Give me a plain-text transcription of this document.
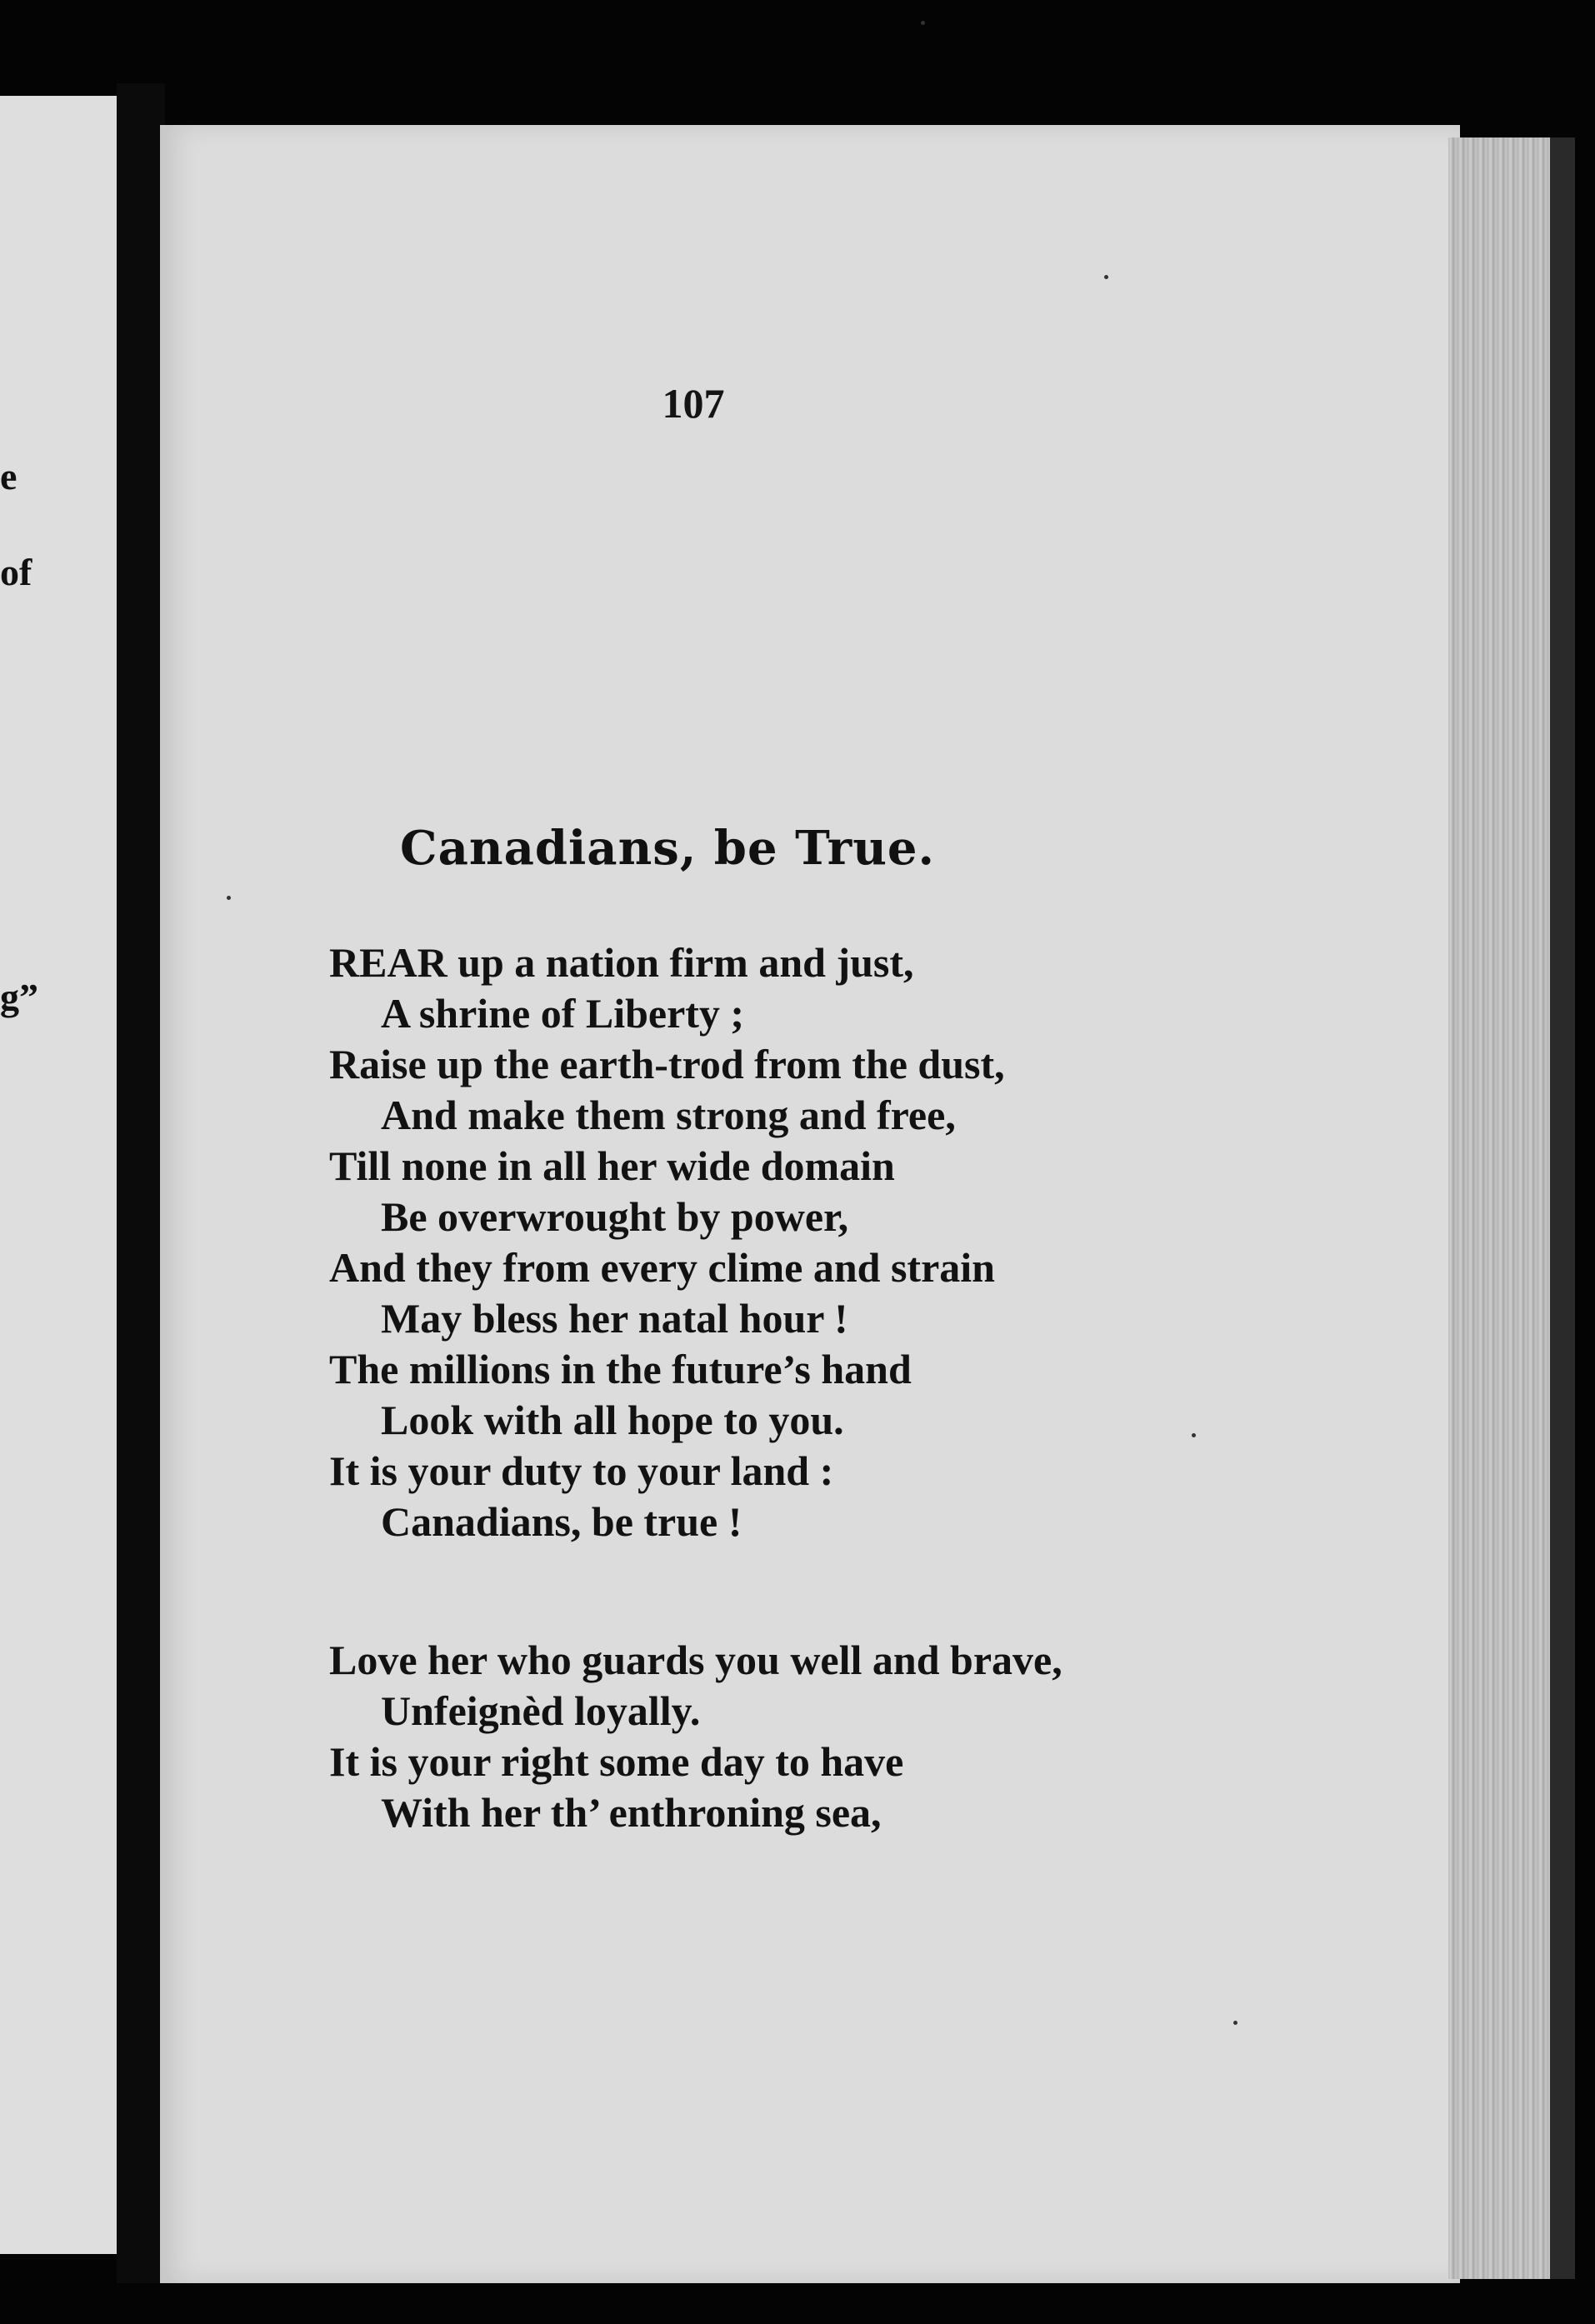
e
of
g”
107
Canadians, be True.
REAR up a nation firm and just,
A shrine of Liberty ;
Raise up the earth-trod from the dust,
And make them strong and free,
Till none in all her wide domain
Be overwrought by power,
And they from every clime and strain
May bless her natal hour !
The millions in the future’s hand
Look with all hope to you.
It is your duty to your land :
Canadians, be true !
Love her who guards you well and brave,
Unfeignèd loyally.
It is your right some day to have
With her th’ enthroning sea,
